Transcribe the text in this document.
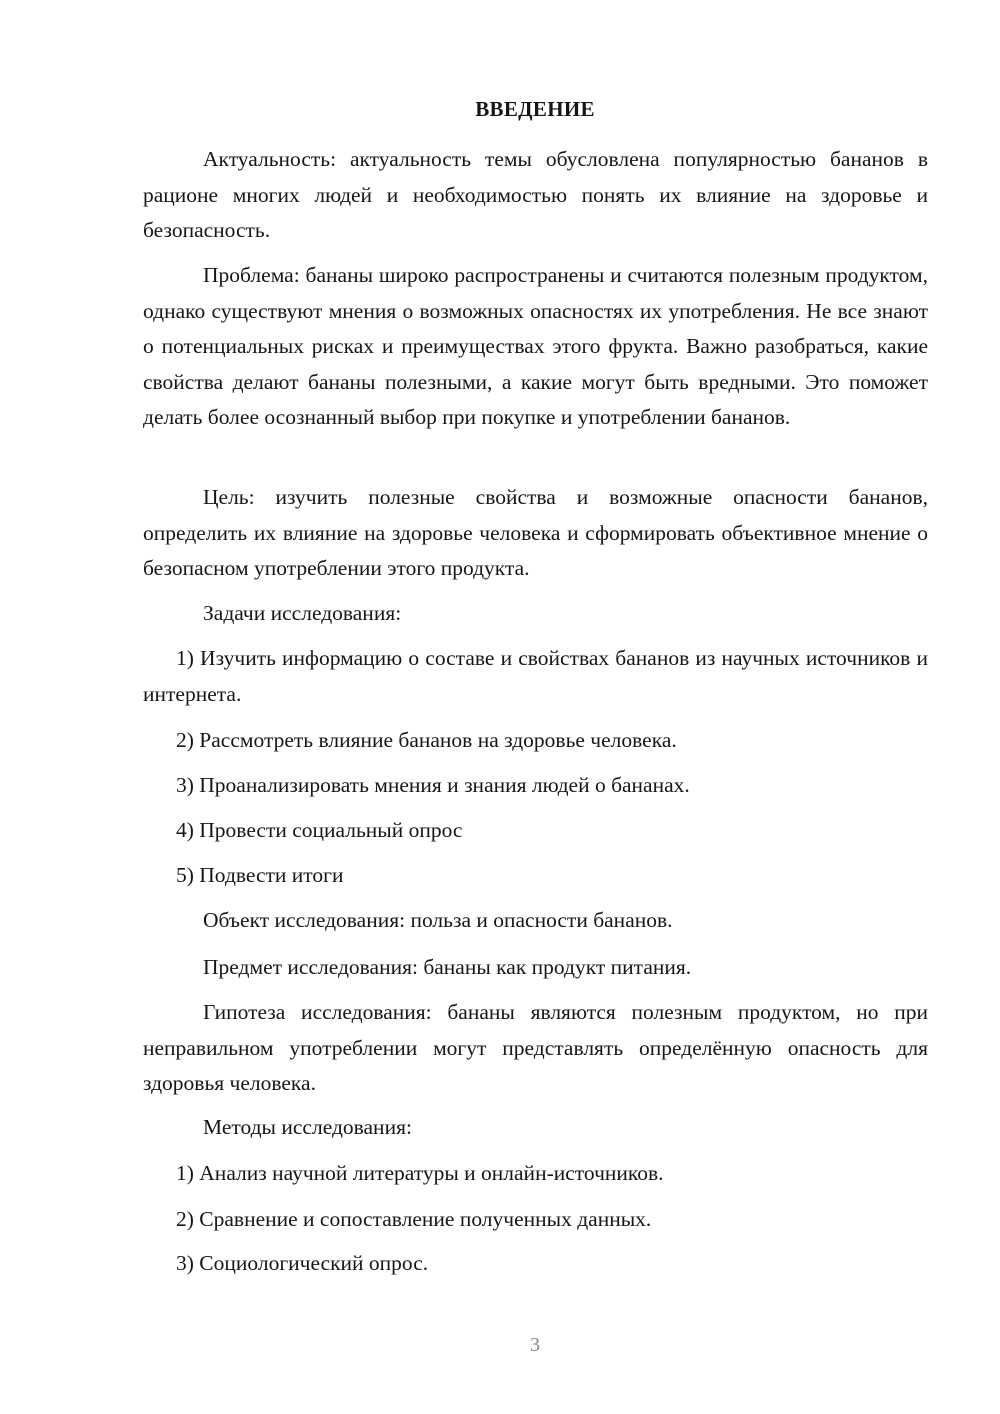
ВВЕДЕНИЕ

Актуальность: актуальность темы обусловлена популярностью бананов в рационе многих людей и необходимостью понять их влияние на здоровье и безопасность.

Проблема: бананы широко распространены и считаются полезным продуктом, однако существуют мнения о возможных опасностях их употребления. Не все знают о потенциальных рисках и преимуществах этого фрукта. Важно разобраться, какие свойства делают бананы полезными, а какие могут быть вредными. Это поможет делать более осознанный выбор при покупке и употреблении бананов.

Цель: изучить полезные свойства и возможные опасности бананов, определить их влияние на здоровье человека и сформировать объективное мнение о безопасном употреблении этого продукта.

Задачи исследования:

1) Изучить информацию о составе и свойствах бананов из научных источников и интернета.

2) Рассмотреть влияние бананов на здоровье человека.

3) Проанализировать мнения и знания людей о бананах.

4) Провести социальный опрос

5) Подвести итоги

Объект исследования: польза и опасности бананов.

Предмет исследования: бананы как продукт питания.

Гипотеза исследования: бананы являются полезным продуктом, но при неправильном употреблении могут представлять определённую опасность для здоровья человека.

Методы исследования:

1) Анализ научной литературы и онлайн-источников.

2) Сравнение и сопоставление полученных данных.

3) Социологический опрос.

3
